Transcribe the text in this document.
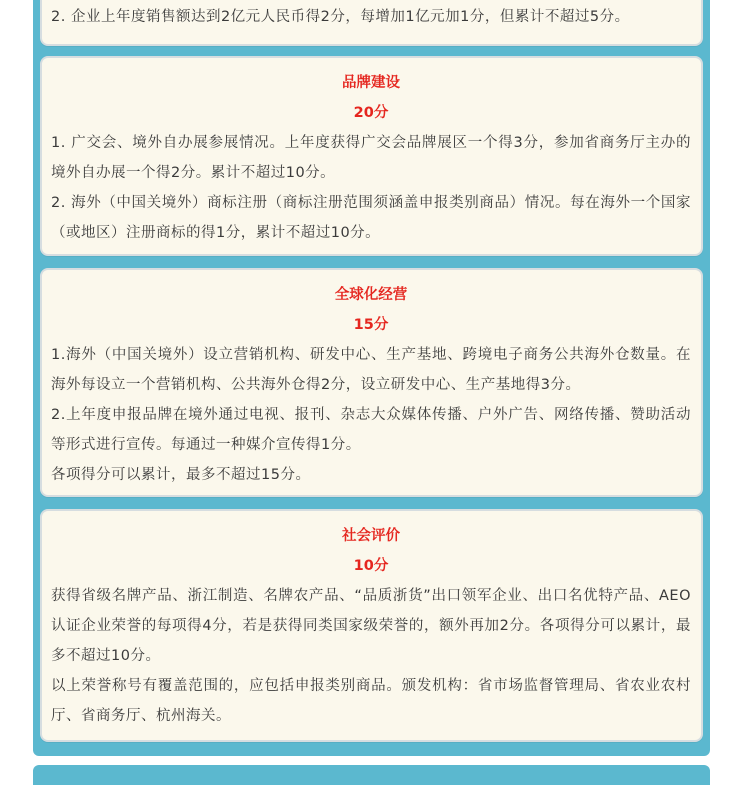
2. 企业上年度销售额达到2亿元人民币得2分，每增加1亿元加1分，但累计不超过5分。

品牌建设
20分

1. 广交会、境外自办展参展情况。上年度获得广交会品牌展区一个得3分，参加省商务厅主办的境外自办展一个得2分。累计不超过10分。

2. 海外（中国关境外）商标注册（商标注册范围须涵盖申报类别商品）情况。每在海外一个国家（或地区）注册商标的得1分，累计不超过10分。

全球化经营
15分

1.海外（中国关境外）设立营销机构、研发中心、生产基地、跨境电子商务公共海外仓数量。在海外每设立一个营销机构、公共海外仓得2分，设立研发中心、生产基地得3分。

2.上年度申报品牌在境外通过电视、报刊、杂志大众媒体传播、户外广告、网络传播、赞助活动等形式进行宣传。每通过一种媒介宣传得1分。

各项得分可以累计，最多不超过15分。

社会评价
10分

获得省级名牌产品、浙江制造、名牌农产品、“品质浙货”出口领军企业、出口名优特产品、AEO认证企业荣誉的每项得4分，若是获得同类国家级荣誉的，额外再加2分。各项得分可以累计，最多不超过10分。

以上荣誉称号有覆盖范围的，应包括申报类别商品。颁发机构：省市场监督管理局、省农业农村厅、省商务厅、杭州海关。
